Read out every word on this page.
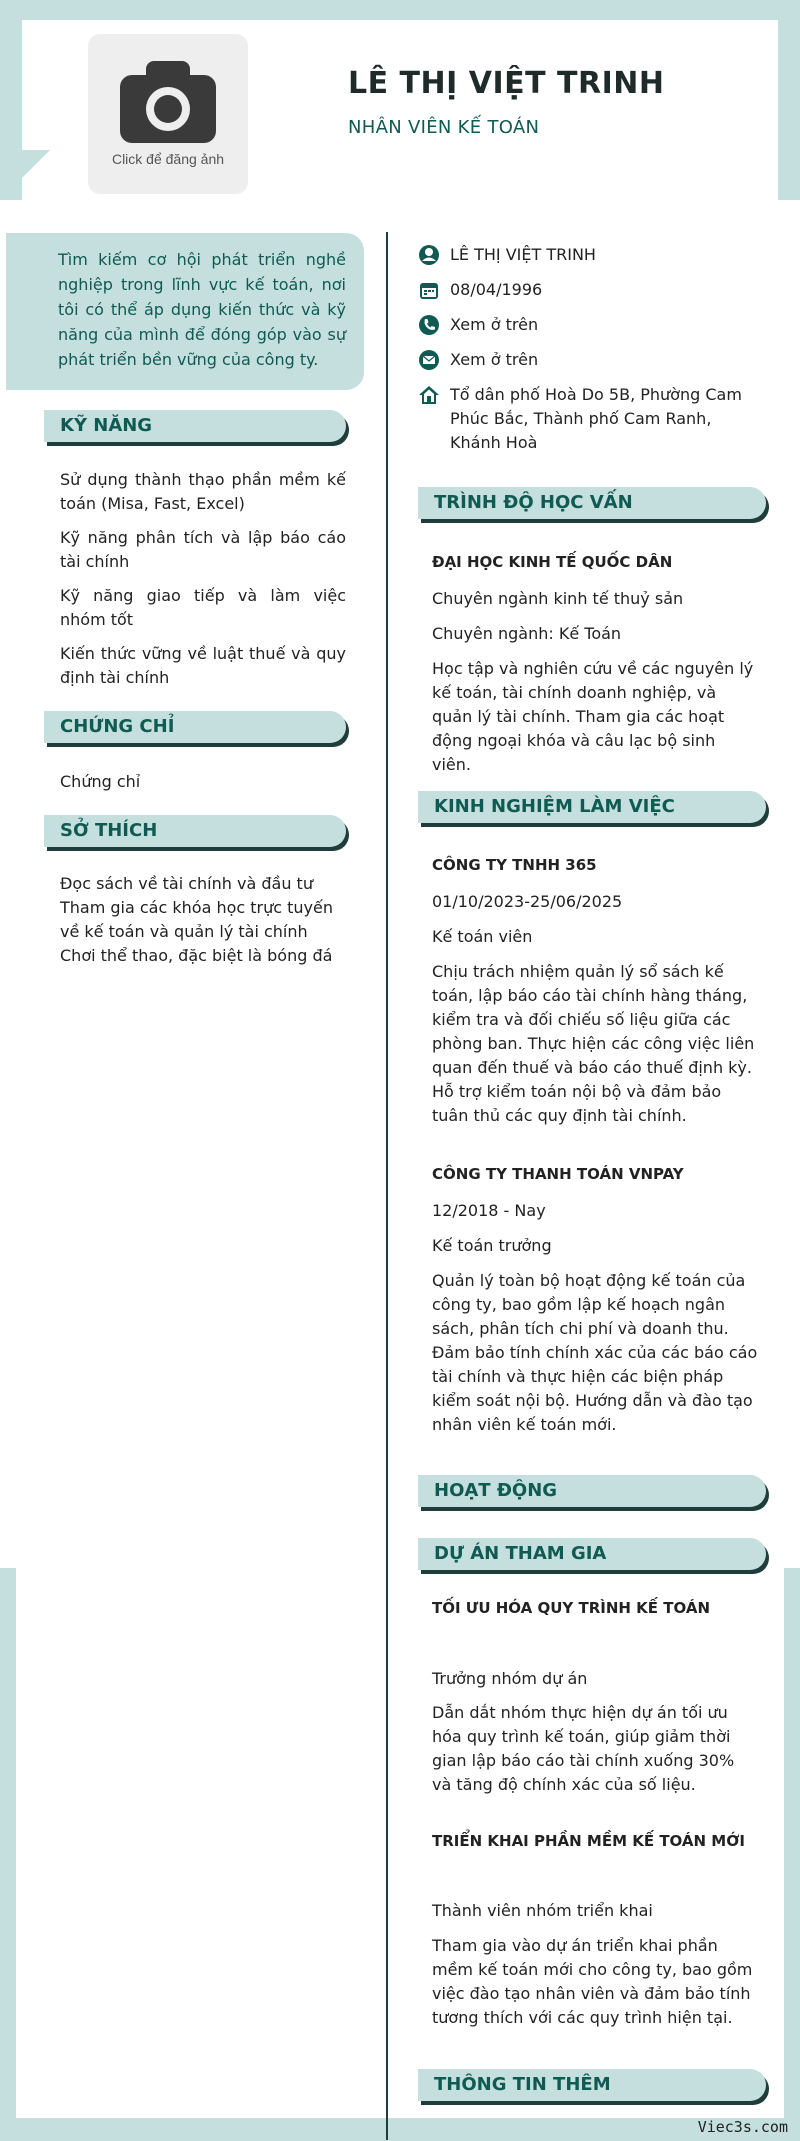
Click để đăng ảnh
LÊ THỊ VIỆT TRINH
NHÂN VIÊN KẾ TOÁN
Tìm kiếm cơ hội phát triển nghề nghiệp trong lĩnh vực kế toán, nơi tôi có thể áp dụng kiến thức và kỹ năng của mình để đóng góp vào sự phát triển bền vững của công ty.
KỸ NĂNG
Sử dụng thành thạo phần mềm kế toán (Misa, Fast, Excel)
Kỹ năng phân tích và lập báo cáo tài chính
Kỹ năng giao tiếp và làm việc nhóm tốt
Kiến thức vững về luật thuế và quy định tài chính
CHỨNG CHỈ
Chứng chỉ
SỞ THÍCH
Đọc sách về tài chính và đầu tư
Tham gia các khóa học trực tuyến về kế toán và quản lý tài chính
Chơi thể thao, đặc biệt là bóng đá
LÊ THỊ VIỆT TRINH
08/04/1996
Xem ở trên
Xem ở trên
Tổ dân phố Hoà Do 5B, Phường Cam Phúc Bắc, Thành phố Cam Ranh, Khánh Hoà
TRÌNH ĐỘ HỌC VẤN
ĐẠI HỌC KINH TẾ QUỐC DÂN
Chuyên ngành kinh tế thuỷ sản
Chuyên ngành: Kế Toán
Học tập và nghiên cứu về các nguyên lý kế toán, tài chính doanh nghiệp, và quản lý tài chính. Tham gia các hoạt động ngoại khóa và câu lạc bộ sinh viên.
KINH NGHIỆM LÀM VIỆC
CÔNG TY TNHH 365
01/10/2023-25/06/2025
Kế toán viên
Chịu trách nhiệm quản lý sổ sách kế toán, lập báo cáo tài chính hàng tháng, kiểm tra và đối chiếu số liệu giữa các phòng ban. Thực hiện các công việc liên quan đến thuế và báo cáo thuế định kỳ. Hỗ trợ kiểm toán nội bộ và đảm bảo tuân thủ các quy định tài chính.
CÔNG TY THANH TOÁN VNPAY
12/2018 - Nay
Kế toán trưởng
Quản lý toàn bộ hoạt động kế toán của công ty, bao gồm lập kế hoạch ngân sách, phân tích chi phí và doanh thu. Đảm bảo tính chính xác của các báo cáo tài chính và thực hiện các biện pháp kiểm soát nội bộ. Hướng dẫn và đào tạo nhân viên kế toán mới.
HOẠT ĐỘNG
DỰ ÁN THAM GIA
TỐI ƯU HÓA QUY TRÌNH KẾ TOÁN
Trưởng nhóm dự án
Dẫn dắt nhóm thực hiện dự án tối ưu hóa quy trình kế toán, giúp giảm thời gian lập báo cáo tài chính xuống 30% và tăng độ chính xác của số liệu.
TRIỂN KHAI PHẦN MỀM KẾ TOÁN MỚI
Thành viên nhóm triển khai
Tham gia vào dự án triển khai phần mềm kế toán mới cho công ty, bao gồm việc đào tạo nhân viên và đảm bảo tính tương thích với các quy trình hiện tại.
THÔNG TIN THÊM
Viec3s.com
